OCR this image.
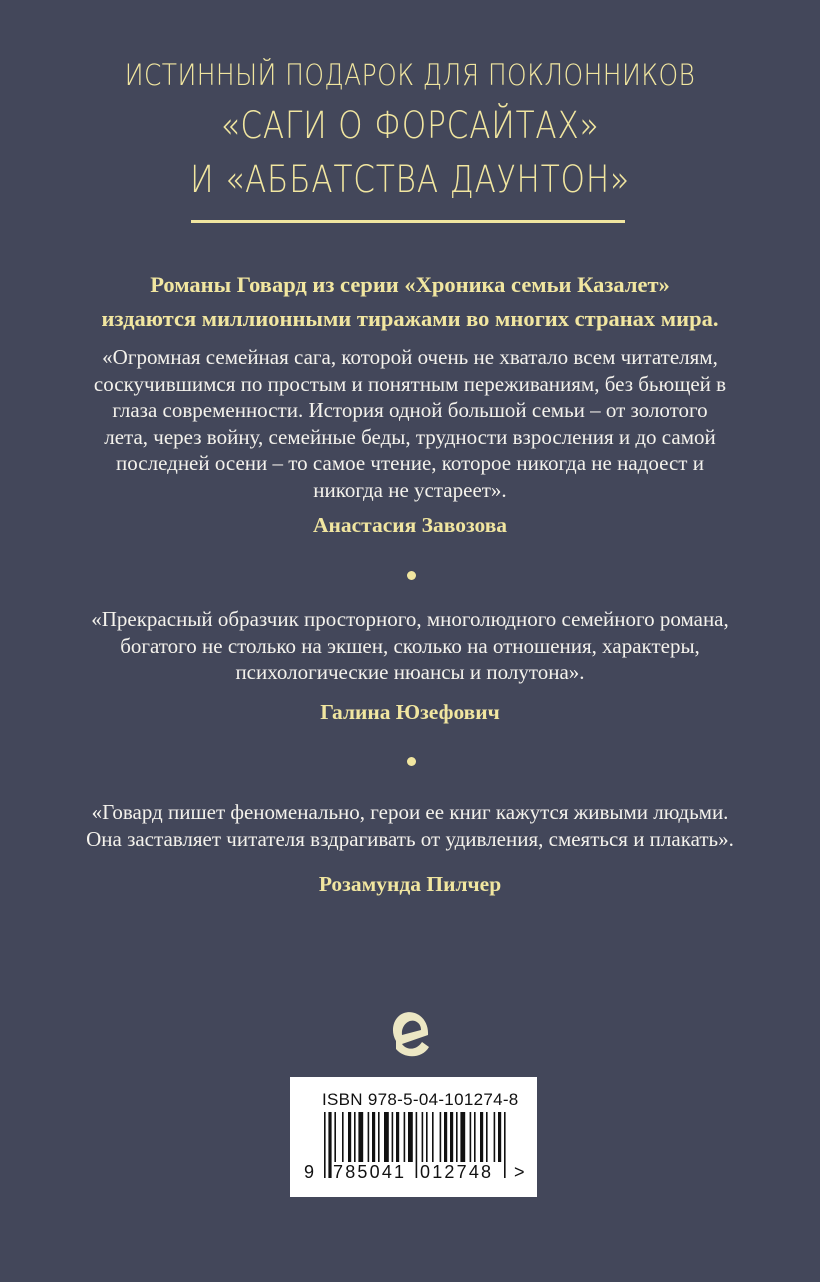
ИСТИННЫЙ ПОДАРОК ДЛЯ ПОКЛОННИКОВ
«САГИ О ФОРСАЙТАХ»
И «АББАТСТВА ДАУНТОН»
Романы Говард из серии «Хроника семьи Казалет»
издаются миллионными тиражами во многих странах мира.
«Огромная семейная сага, которой очень не хватало всем читателям,
соскучившимся по простым и понятным переживаниям, без бьющей в
глаза современности. История одной большой семьи – от золотого
лета, через войну, семейные беды, трудности взросления и до самой
последней осени – то самое чтение, которое никогда не надоест и
никогда не устареет».
Анастасия Завозова
«Прекрасный образчик просторного, многолюдного семейного романа,
богатого не столько на экшен, сколько на отношения, характеры,
психологические нюансы и полутона».
Галина Юзефович
«Говард пишет феноменально, герои ее книг кажутся живыми людьми.
Она заставляет читателя вздрагивать от удивления, смеяться и плакать».
Розамунда Пилчер
ISBN 978-5-04-101274-8
9 785041 012748 >
